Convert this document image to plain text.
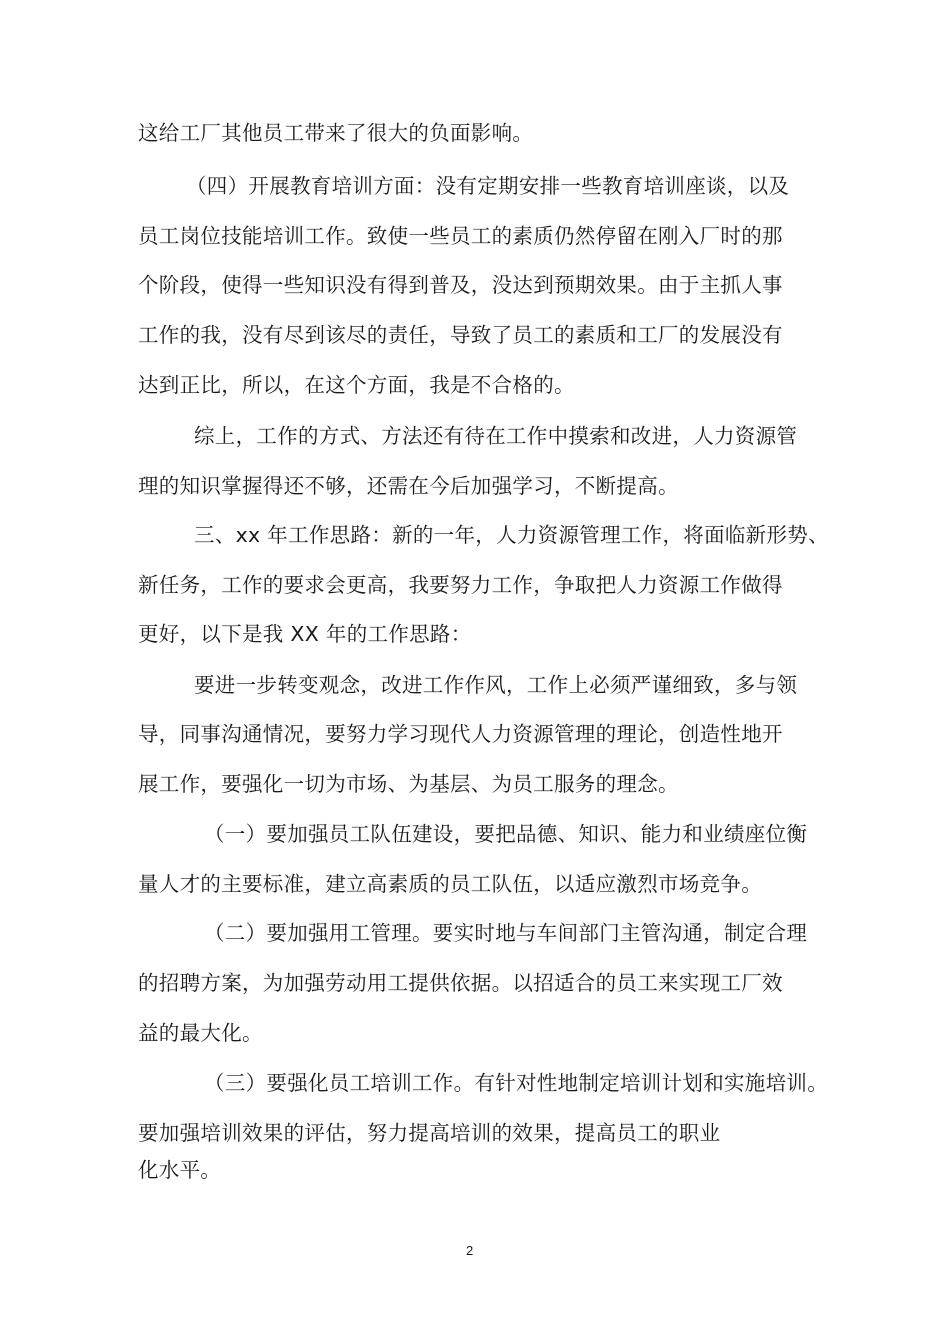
这给工厂其他员工带来了很大的负面影响。
（四）开展教育培训方面：没有定期安排一些教育培训座谈，以及
员工岗位技能培训工作。致使一些员工的素质仍然停留在刚入厂时的那
个阶段，使得一些知识没有得到普及，没达到预期效果。由于主抓人事
工作的我，没有尽到该尽的责任，导致了员工的素质和工厂的发展没有
达到正比，所以，在这个方面，我是不合格的。
综上，工作的方式、方法还有待在工作中摸索和改进，人力资源管
理的知识掌握得还不够，还需在今后加强学习，不断提高。
三、xx 年工作思路：新的一年，人力资源管理工作，将面临新形势、
新任务，工作的要求会更高，我要努力工作，争取把人力资源工作做得
更好，以下是我 XX 年的工作思路：
要进一步转变观念，改进工作作风，工作上必须严谨细致，多与领
导，同事沟通情况，要努力学习现代人力资源管理的理论，创造性地开
展工作，要强化一切为市场、为基层、为员工服务的理念。
（一）要加强员工队伍建设，要把品德、知识、能力和业绩座位衡
量人才的主要标准，建立高素质的员工队伍，以适应激烈市场竞争。
（二）要加强用工管理。要实时地与车间部门主管沟通，制定合理
的招聘方案，为加强劳动用工提供依据。以招适合的员工来实现工厂效
益的最大化。
（三）要强化员工培训工作。有针对性地制定培训计划和实施培训。
要加强培训效果的评估，努力提高培训的效果，提高员工的职业
化水平。
2
